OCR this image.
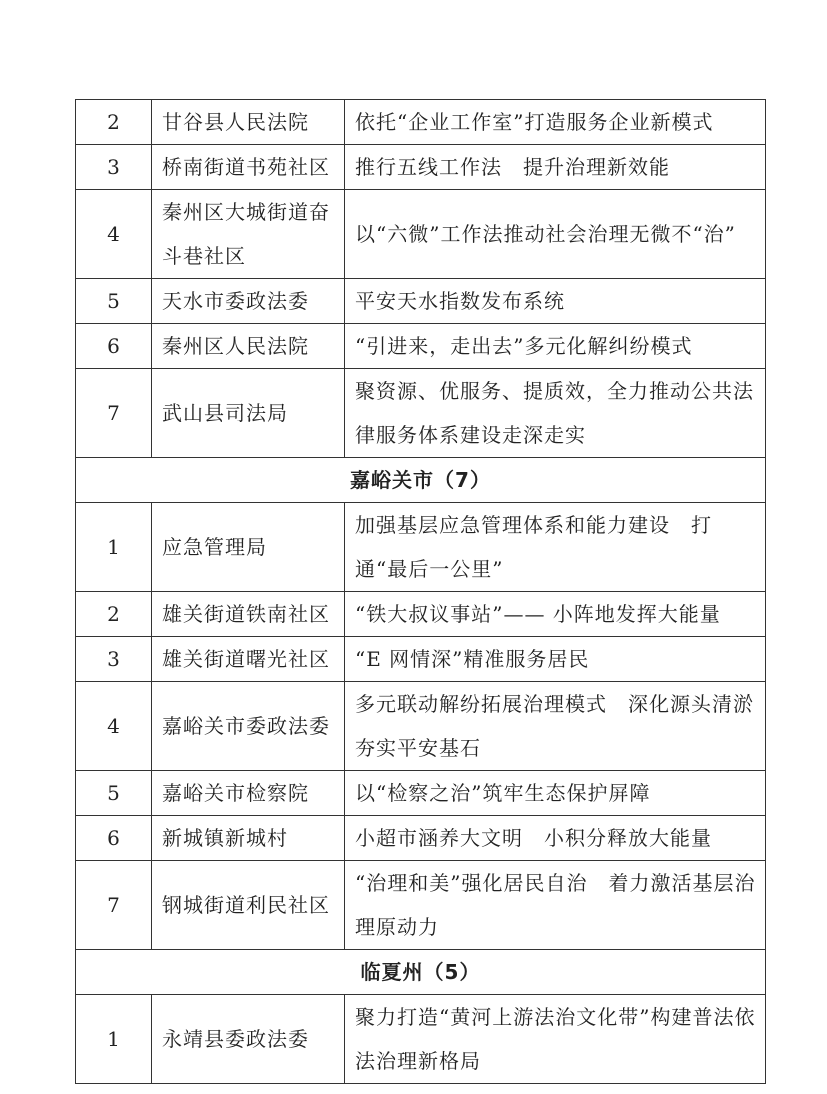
2	甘谷县人民法院	依托“企业工作室”打造服务企业新模式
3	桥南街道书苑社区	推行五线工作法　提升治理新效能
4	秦州区大城街道奋斗巷社区	以“六微”工作法推动社会治理无微不“治”
5	天水市委政法委	平安天水指数发布系统
6	秦州区人民法院	“引进来，走出去”多元化解纠纷模式
7	武山县司法局	聚资源、优服务、提质效，全力推动公共法律服务体系建设走深走实
嘉峪关市（7）		
1	应急管理局	加强基层应急管理体系和能力建设　打通“最后一公里”
2	雄关街道铁南社区	“铁大叔议事站”—— 小阵地发挥大能量
3	雄关街道曙光社区	“E 网情深”精准服务居民
4	嘉峪关市委政法委	多元联动解纷拓展治理模式　深化源头清淤夯实平安基石
5	嘉峪关市检察院	以“检察之治”筑牢生态保护屏障
6	新城镇新城村	小超市涵养大文明　小积分释放大能量
7	钢城街道利民社区	“治理和美”强化居民自治　着力激活基层治理原动力
临夏州（5）		
1	永靖县委政法委	聚力打造“黄河上游法治文化带”构建普法依法治理新格局
